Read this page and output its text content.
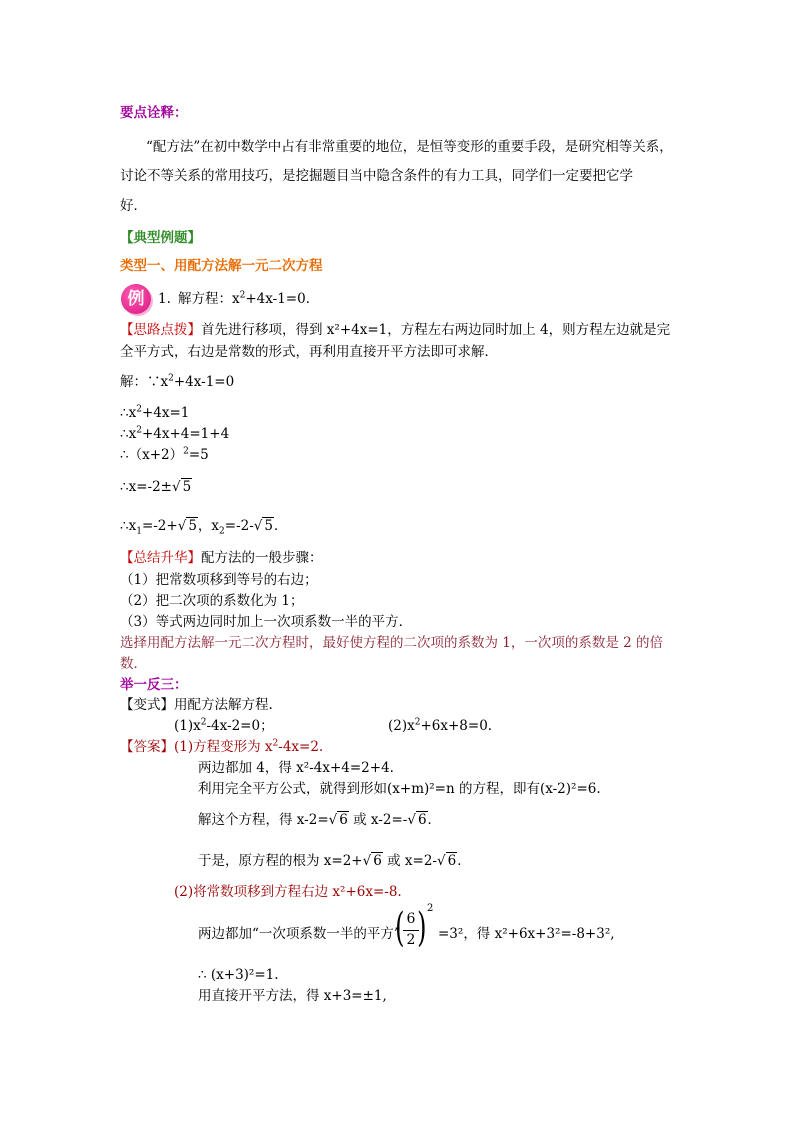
要点诠释：
“配方法”在初中数学中占有非常重要的地位，是恒等变形的重要手段，是研究相等关系，
讨论不等关系的常用技巧，是挖掘题目当中隐含条件的有力工具，同学们一定要把它学
好．
【典型例题】
类型一、用配方法解一元二次方程
例	1. 解方程：$x^2+4x-1=0$．
【思路点拨】首先进行移项，得到 x²+4x=1，方程左右两边同时加上 4，则方程左边就是完
全平方式，右边是常数的形式，再利用直接开平方法即可求解．
解：$\because x^2+4x-1=0$
$\therefore x^2+4x=1$
$\therefore x^2+4x+4=1+4$
$\therefore(x+2)^2=5$
∴x=-2±√ 5
$\therefore x_1=-2+√$ 5，$x_2=-2-√$ 5．
【总结升华】配方法的一般步骤：
（1）把常数项移到等号的右边；
（2）把二次项的系数化为 1；
（3）等式两边同时加上一次项系数一半的平方．
选择用配方法解一元二次方程时，最好使方程的二次项的系数为 1，一次项的系数是 2 的倍
数．
举一反三：
【变式】用配方法解方程.
$(1)x^2-4x-2=0$；	$(2)x^2+6x+8=0$.
【答案】(1)方程变形为 $x^2-4x=2$.
两边都加 4，得 x²-4x+4=2+4.
利用完全平方公式，就得到形如(x+m)²=n 的方程，即有(x-2)²=6.
解这个方程，得 x-2=√ 6 或 x-2=-√ 6．
于是，原方程的根为 x=2+√ 6 或 x=2-√ 6．
(2)将常数项移到方程右边 x²+6x=-8.
两边都加“一次项系数一半的平方”
( 6
2 ) 2
=3²，得 x²+6x+3²=-8+3²,
∴ (x+3)²=1.
用直接开平方法，得 x+3=±1,
